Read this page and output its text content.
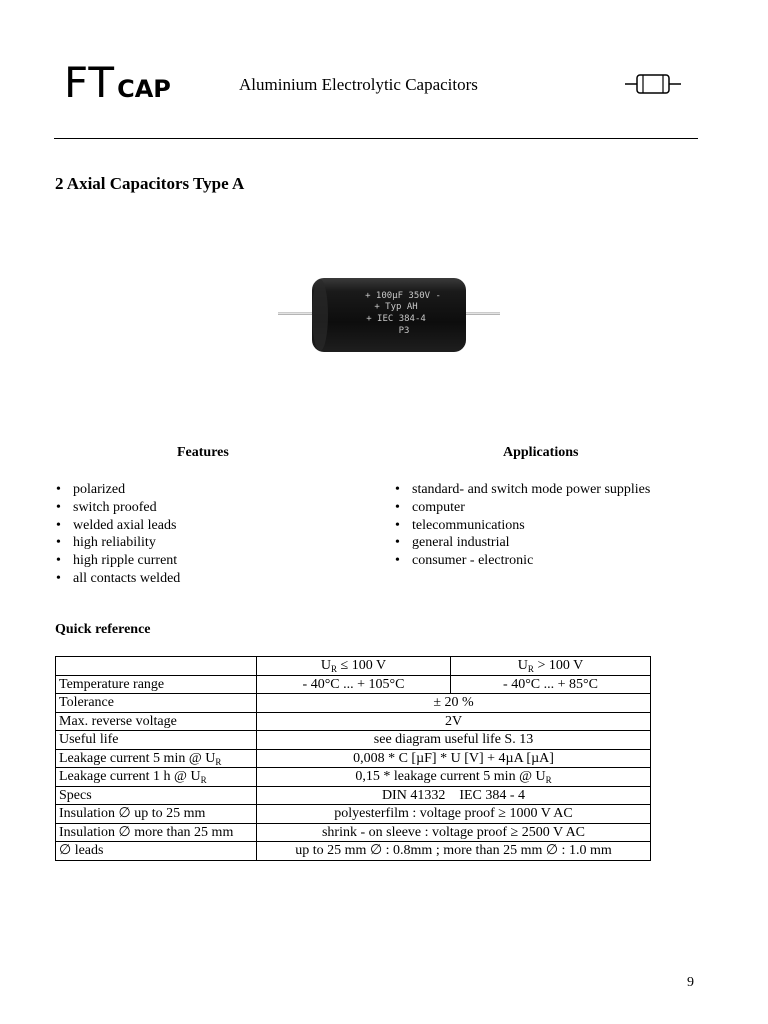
FTCAP	Aluminium Electrolytic Capacitors
2 Axial Capacitors Type A
+ 100µF 350V -
+ Typ AH
+ IEC 384-4
P3
Features	Applications
• polarized
• switch proofed
• welded axial leads
• high reliability
• high ripple current
• all contacts welded
• standard- and switch mode power supplies
• computer
• telecommunications
• general industrial
• consumer - electronic
Quick reference
	$U_R \le 100$ V	$U_R > 100$ V
Temperature range	- 40°C ... + 105°C	- 40°C ... + 85°C
Tolerance	± 20 %	
Max. reverse voltage	2V	
Useful life	see diagram useful life S. 13	
Leakage current 5 min @ $U_R$	0,008 * C [µF] * U [V] + 4µA [µA]	
Leakage current 1 h @ $U_R$	0,15 * leakage current 5 min @ $U_R$
Specs	DIN 41332    IEC 384 - 4	
Insulation ∅ up to 25 mm	polyesterfilm : voltage proof ≥ 1000 V AC	
Insulation ∅ more than 25 mm	shrink - on sleeve : voltage proof ≥ 2500 V AC	
∅ leads	up to 25 mm ∅ : 0.8mm ; more than 25 mm ∅ : 1.0 mm	
9
